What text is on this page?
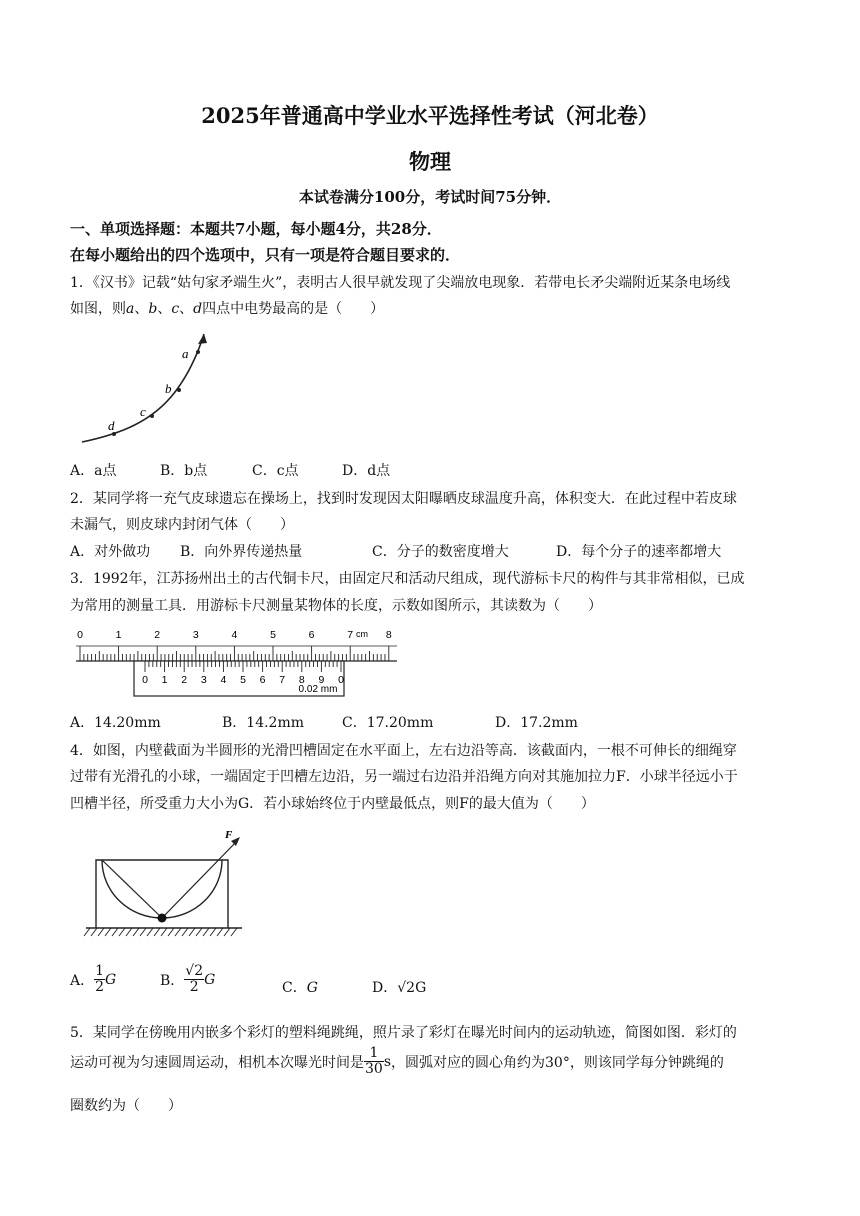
2025年普通高中学业水平选择性考试（河北卷）
物理
本试卷满分100分，考试时间75分钟．
一、单项选择题：本题共7小题，每小题4分，共28分．
在每小题给出的四个选项中，只有一项是符合题目要求的．
1．《汉书》记载“姑句家矛端生火”，表明古人很早就发现了尖端放电现象．若带电长矛尖端附近某条电场线
如图，则a、b、c、d四点中电势最高的是（　　）
a
b
c
d
A．a点	B．b点	C．c点	D．d点
2．某同学将一充气皮球遗忘在操场上，找到时发现因太阳曝晒皮球温度升高，体积变大．在此过程中若皮球
未漏气，则皮球内封闭气体（　　）
A．对外做功 B．向外界传递热量	C．分子的数密度增大	D．每个分子的速率都增大
3．1992年，江苏扬州出土的古代铜卡尺，由固定尺和活动尺组成，现代游标卡尺的构件与其非常相似，已成
为常用的测量工具．用游标卡尺测量某物体的长度，示数如图所示，其读数为（　　）
0	1	2	3	4	5	6	7	8
cm
0 1 2 3 4 5 6 7 8 9 0
0.02 mm
A．14.20mm	B．14.2mm	C．17.20mm	D．17.2mm
4．如图，内壁截面为半圆形的光滑凹槽固定在水平面上，左右边沿等高．该截面内，一根不可伸长的细绳穿
过带有光滑孔的小球，一端固定于凹槽左边沿，另一端过右边沿并沿绳方向对其施加拉力F．小球半径远小于
凹槽半径，所受重力大小为G．若小球始终位于内壁最低点，则F的最大值为（　　）
F
A． $\frac{1}{2}$ G	B． $\frac{√2}{2}$ G
C．G	D．√2G
5．某同学在傍晚用内嵌多个彩灯的塑料绳跳绳，照片录了彩灯在曝光时间内的运动轨迹，简图如图．彩灯的
运动可视为匀速圆周运动，相机本次曝光时间是 $\frac{1}{30}$ s，圆弧对应的圆心角约为30°，则该同学每分钟跳绳的
圈数约为（　　）
